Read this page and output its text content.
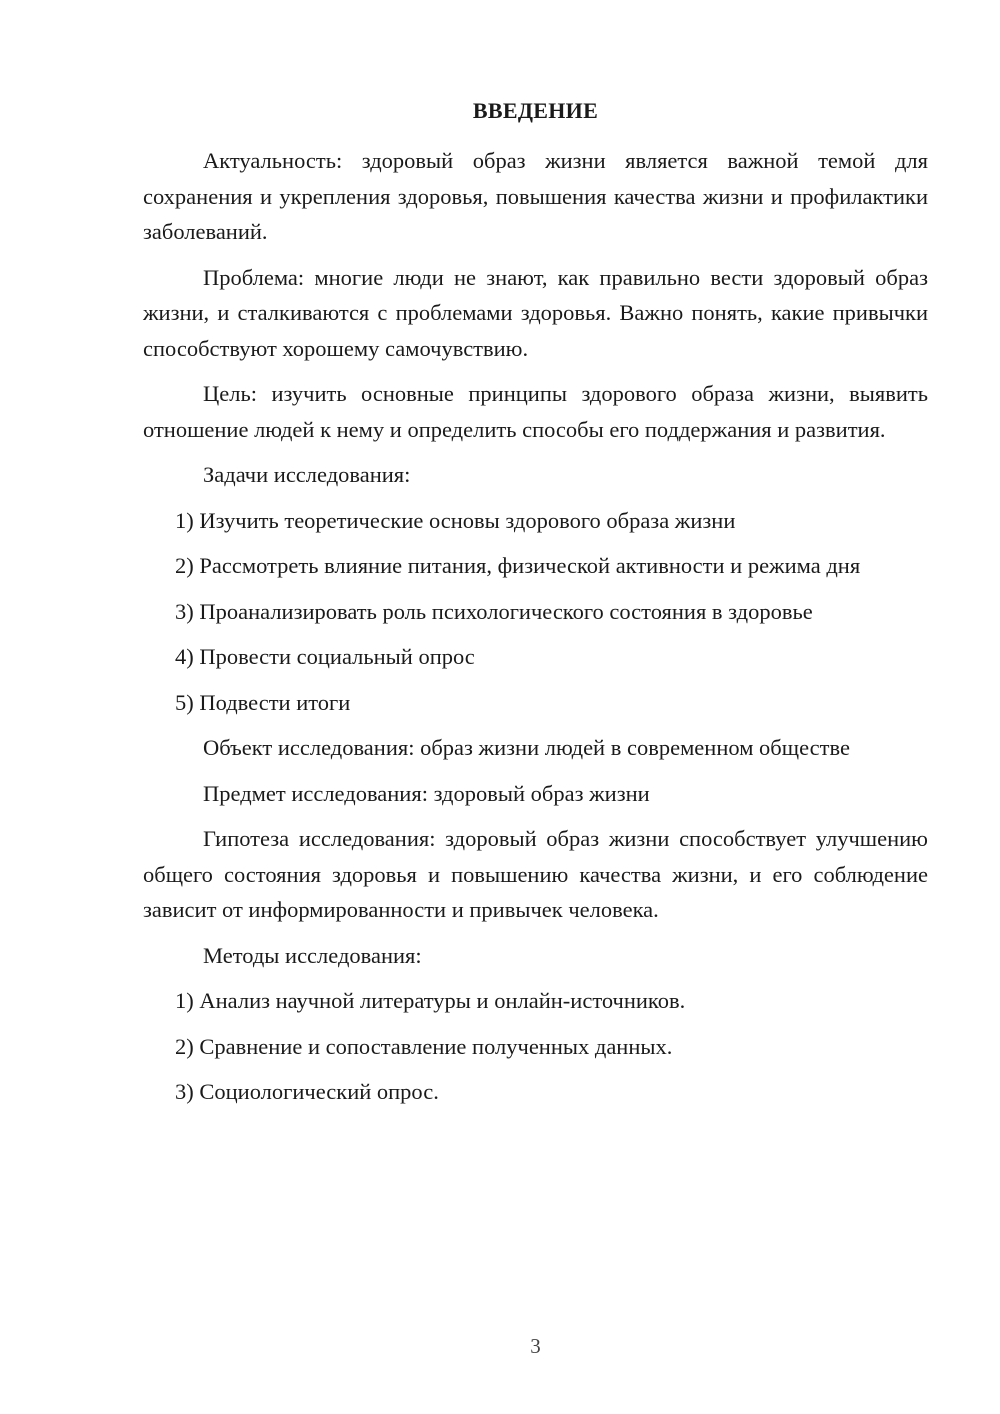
ВВЕДЕНИЕ

Актуальность: здоровый образ жизни является важной темой для сохранения и укрепления здоровья, повышения качества жизни и профилактики заболеваний.

Проблема: многие люди не знают, как правильно вести здоровый образ жизни, и сталкиваются с проблемами здоровья. Важно понять, какие привычки способствуют хорошему самочувствию.

Цель: изучить основные принципы здорового образа жизни, выявить отношение людей к нему и определить способы его поддержания и развития.

Задачи исследования:

1) Изучить теоретические основы здорового образа жизни

2) Рассмотреть влияние питания, физической активности и режима дня

3) Проанализировать роль психологического состояния в здоровье

4) Провести социальный опрос

5) Подвести итоги

Объект исследования: образ жизни людей в современном обществе

Предмет исследования: здоровый образ жизни

Гипотеза исследования: здоровый образ жизни способствует улучшению общего состояния здоровья и повышению качества жизни, и его соблюдение зависит от информированности и привычек человека.

Методы исследования:

1) Анализ научной литературы и онлайн-источников.

2) Сравнение и сопоставление полученных данных.

3) Социологический опрос.

3
